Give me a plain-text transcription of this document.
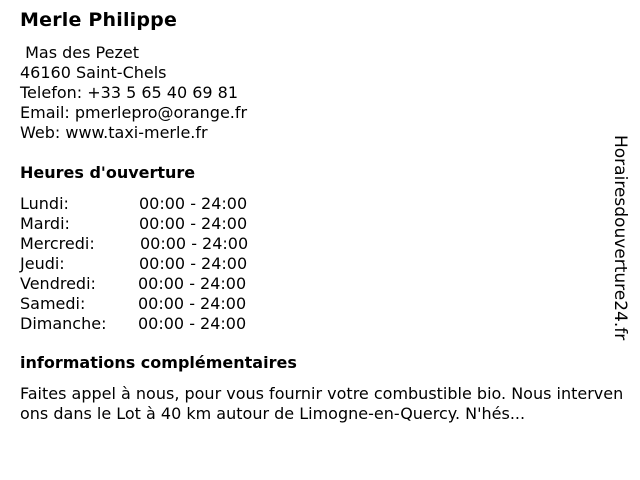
Merle Philippe
Mas des Pezet
46160 Saint-Chels
Telefon: +33 5 65 40 69 81
Email: pmerlepro@orange.fr
Web: www.taxi-merle.fr
Heures d'ouverture
Lundi:	00:00 - 24:00
Mardi:	00:00 - 24:00
Mercredi:	00:00 - 24:00
Jeudi:	00:00 - 24:00
Vendredi:	00:00 - 24:00
Samedi:	00:00 - 24:00
Dimanche: 00:00 - 24:00
informations complémentaires
Faites appel à nous, pour vous fournir votre combustible bio. Nous intervenons dans le Lot à 40 km autour de Limogne-en-Quercy. N'hés...
Horairesdouverture24.fr
